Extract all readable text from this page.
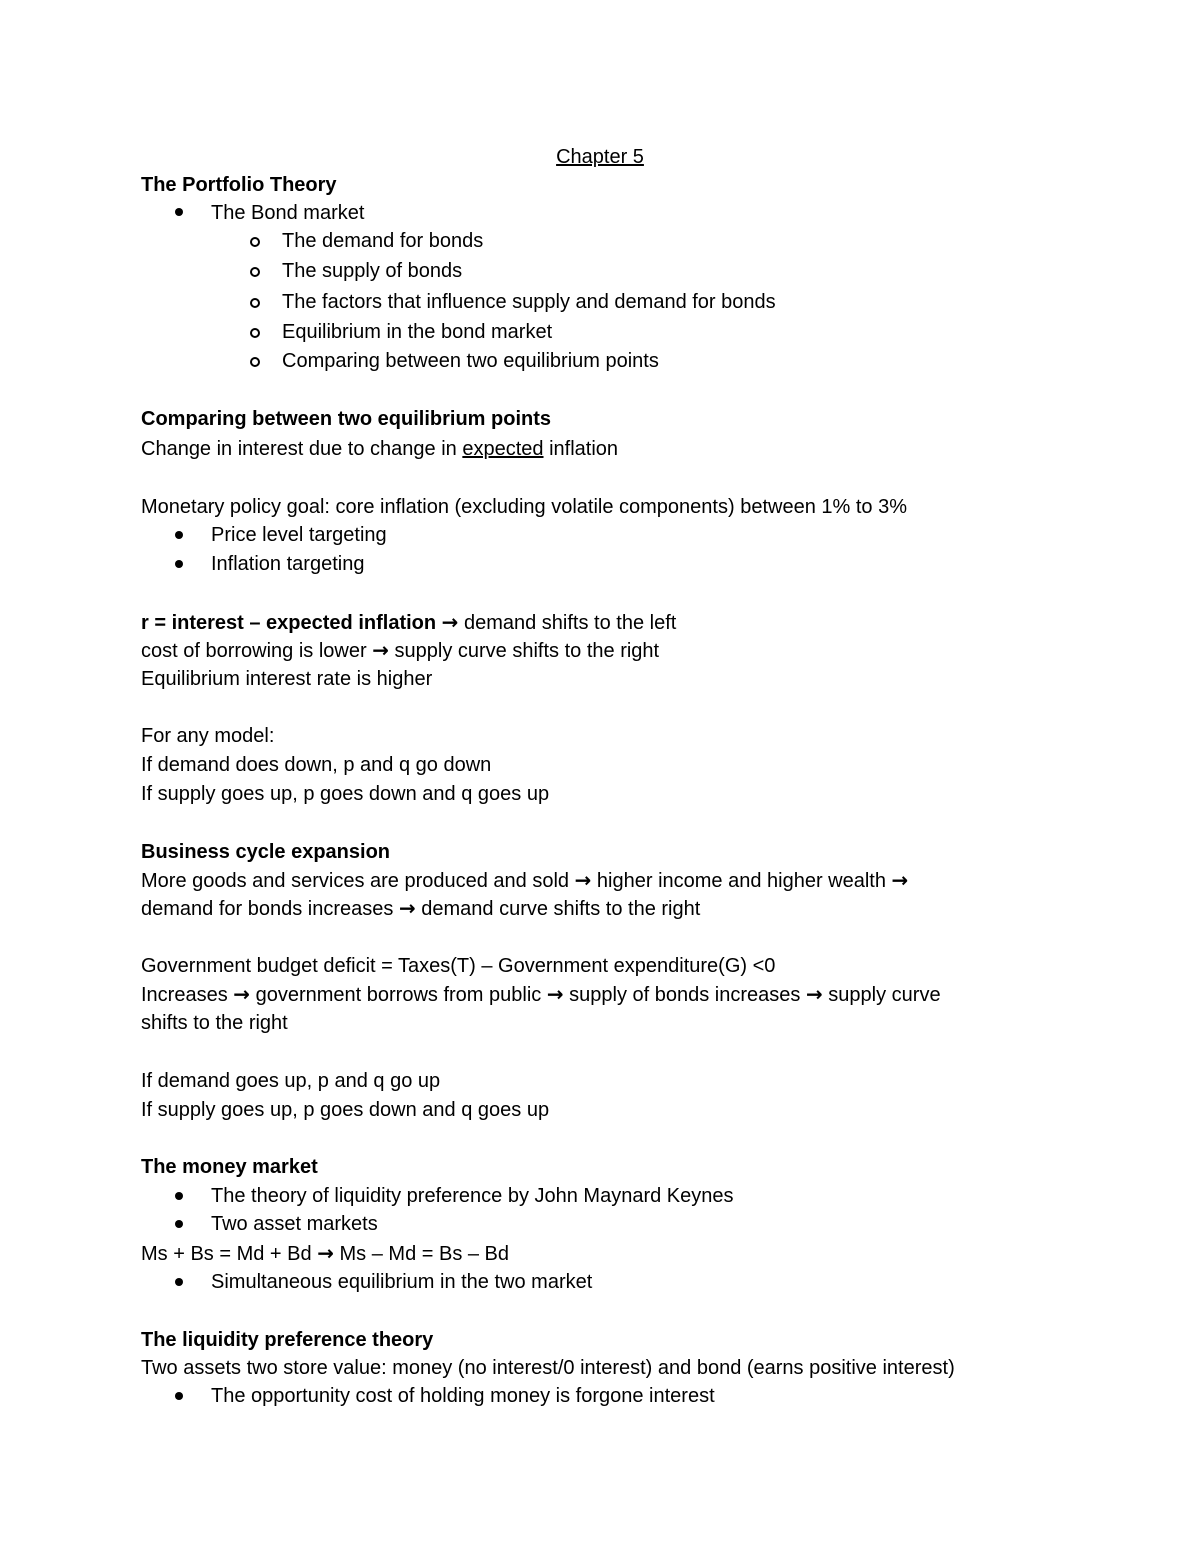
Chapter 5
The Portfolio Theory
The Bond market
The demand for bonds
The supply of bonds
The factors that influence supply and demand for bonds
Equilibrium in the bond market
Comparing between two equilibrium points
Comparing between two equilibrium points
Change in interest due to change in expected inflation
Monetary policy goal: core inflation (excluding volatile components) between 1% to 3%
Price level targeting
Inflation targeting
r = interest – expected inflation → demand shifts to the left
cost of borrowing is lower → supply curve shifts to the right
Equilibrium interest rate is higher
For any model:
If demand does down, p and q go down
If supply goes up, p goes down and q goes up
Business cycle expansion
More goods and services are produced and sold → higher income and higher wealth →
demand for bonds increases → demand curve shifts to the right
Government budget deficit = Taxes(T) – Government expenditure(G) <0
Increases → government borrows from public → supply of bonds increases → supply curve
shifts to the right
If demand goes up, p and q go up
If supply goes up, p goes down and q goes up
The money market
The theory of liquidity preference by John Maynard Keynes
Two asset markets
Ms + Bs = Md + Bd → Ms – Md = Bs – Bd
Simultaneous equilibrium in the two market
The liquidity preference theory
Two assets two store value: money (no interest/0 interest) and bond (earns positive interest)
The opportunity cost of holding money is forgone interest
